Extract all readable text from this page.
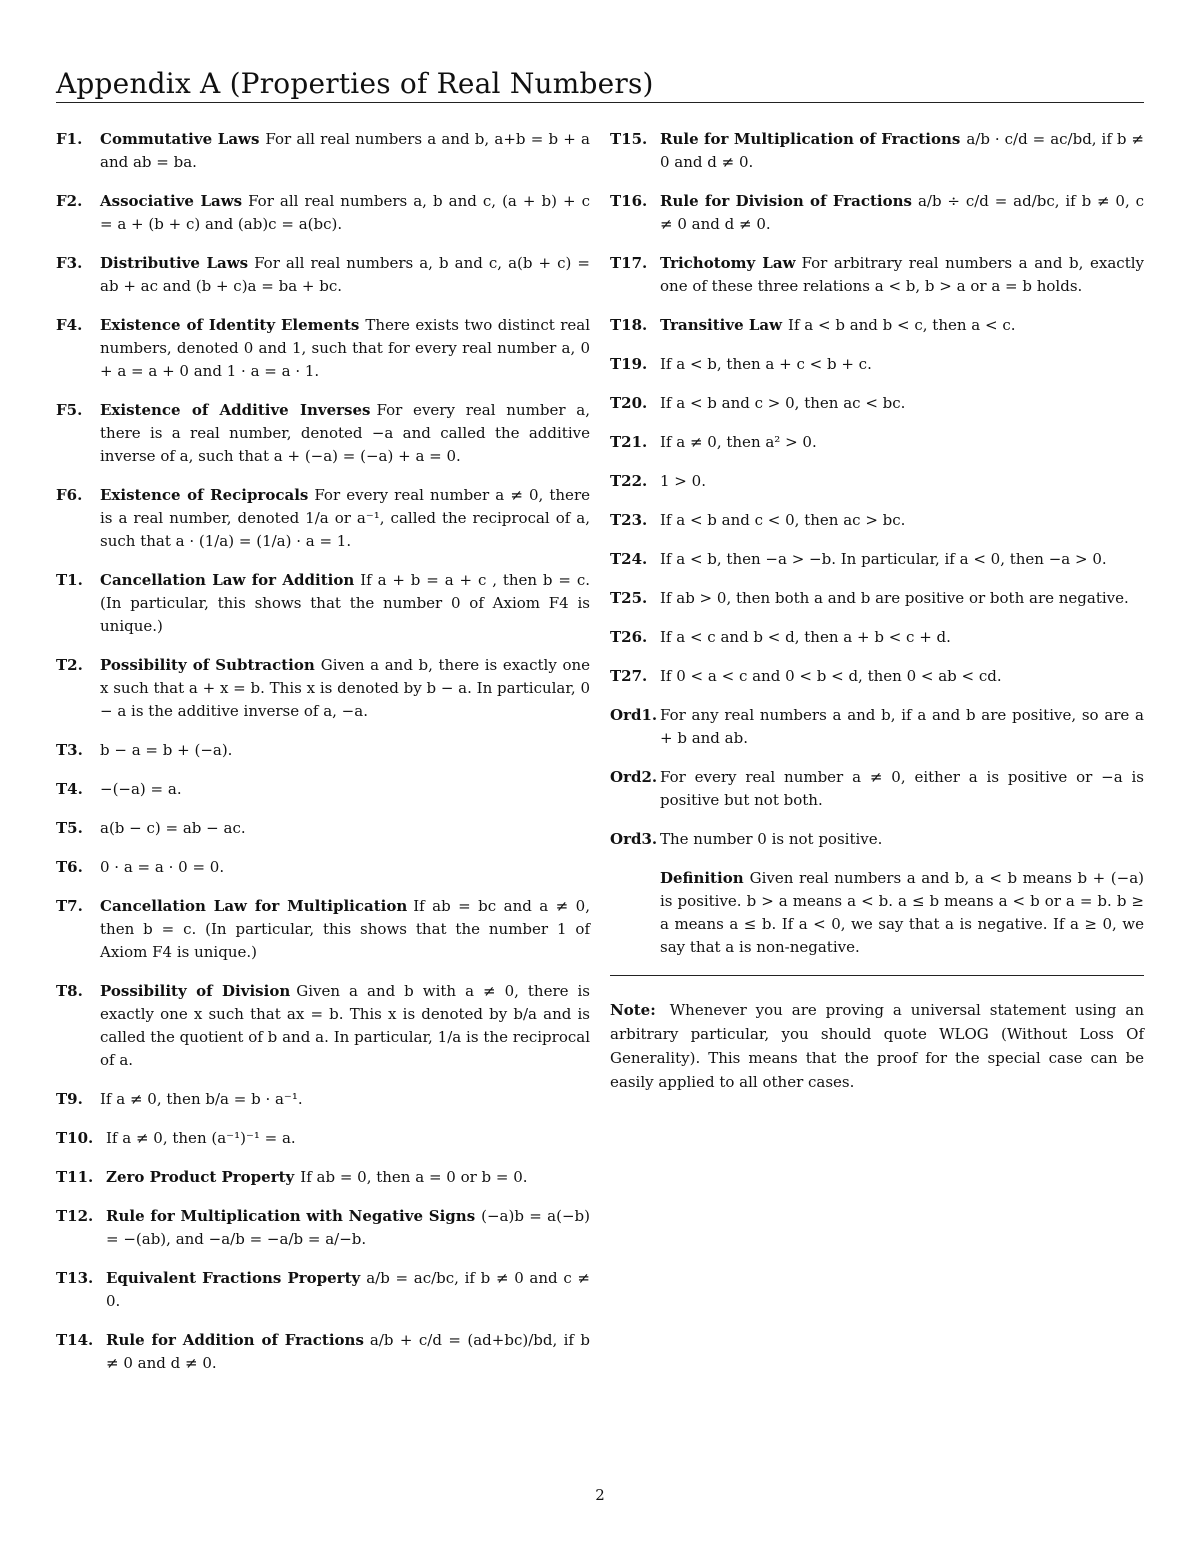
Appendix A (Properties of Real Numbers)
F1. Commutative Laws For all real numbers a and b, a+b = b + a and ab = ba.
F2. Associative Laws For all real numbers a, b and c, (a + b) + c = a + (b + c) and (ab)c = a(bc).
F3. Distributive Laws For all real numbers a, b and c, a(b + c) = ab + ac and (b + c)a = ba + bc.
F4. Existence of Identity Elements There exists two distinct real numbers, denoted 0 and 1, such that for every real number a, 0 + a = a + 0 and 1 · a = a · 1.
F5. Existence of Additive Inverses For every real number a, there is a real number, denoted −a and called the additive inverse of a, such that a + (−a) = (−a) + a = 0.
F6. Existence of Reciprocals For every real number a ≠ 0, there is a real number, denoted 1/a or a⁻¹, called the reciprocal of a, such that a · (1/a) = (1/a) · a = 1.
T1. Cancellation Law for Addition If a + b = a + c , then b = c. (In particular, this shows that the number 0 of Axiom F4 is unique.)
T2. Possibility of Subtraction Given a and b, there is exactly one x such that a + x = b. This x is denoted by b − a. In particular, 0 − a is the additive inverse of a, −a.
T3. b − a = b + (−a).
T4. −(−a) = a.
T5. a(b − c) = ab − ac.
T6. 0 · a = a · 0 = 0.
T7. Cancellation Law for Multiplication If ab = bc and a ≠ 0, then b = c. (In particular, this shows that the number 1 of Axiom F4 is unique.)
T8. Possibility of Division Given a and b with a ≠ 0, there is exactly one x such that ax = b. This x is denoted by b/a and is called the quotient of b and a. In particular, 1/a is the reciprocal of a.
T9. If a ≠ 0, then b/a = b · a⁻¹.
T10. If a ≠ 0, then (a⁻¹)⁻¹ = a.
T11. Zero Product Property If ab = 0, then a = 0 or b = 0.
T12. Rule for Multiplication with Negative Signs (−a)b = a(−b) = −(ab), and −a/b = −a/b = a/−b.
T13. Equivalent Fractions Property a/b = ac/bc, if b ≠ 0 and c ≠ 0.
T14. Rule for Addition of Fractions a/b + c/d = (ad+bc)/bd, if b ≠ 0 and d ≠ 0.
T15. Rule for Multiplication of Fractions a/b · c/d = ac/bd, if b ≠ 0 and d ≠ 0.
T16. Rule for Division of Fractions a/b ÷ c/d = ad/bc, if b ≠ 0, c ≠ 0 and d ≠ 0.
T17. Trichotomy Law For arbitrary real numbers a and b, exactly one of these three relations a < b, b > a or a = b holds.
T18. Transitive Law If a < b and b < c, then a < c.
T19. If a < b, then a + c < b + c.
T20. If a < b and c > 0, then ac < bc.
T21. If a ≠ 0, then a² > 0.
T22. 1 > 0.
T23. If a < b and c < 0, then ac > bc.
T24. If a < b, then −a > −b. In particular, if a < 0, then −a > 0.
T25. If ab > 0, then both a and b are positive or both are negative.
T26. If a < c and b < d, then a + b < c + d.
T27. If 0 < a < c and 0 < b < d, then 0 < ab < cd.
Ord1. For any real numbers a and b, if a and b are positive, so are a + b and ab.
Ord2. For every real number a ≠ 0, either a is positive or −a is positive but not both.
Ord3. The number 0 is not positive.
Definition Given real numbers a and b, a < b means b + (−a) is positive. b > a means a < b. a ≤ b means a < b or a = b. b ≥ a means a ≤ b. If a < 0, we say that a is negative. If a ≥ 0, we say that a is non-negative.
Note: Whenever you are proving a universal statement using an arbitrary particular, you should quote WLOG (Without Loss Of Generality). This means that the proof for the special case can be easily applied to all other cases.
2
